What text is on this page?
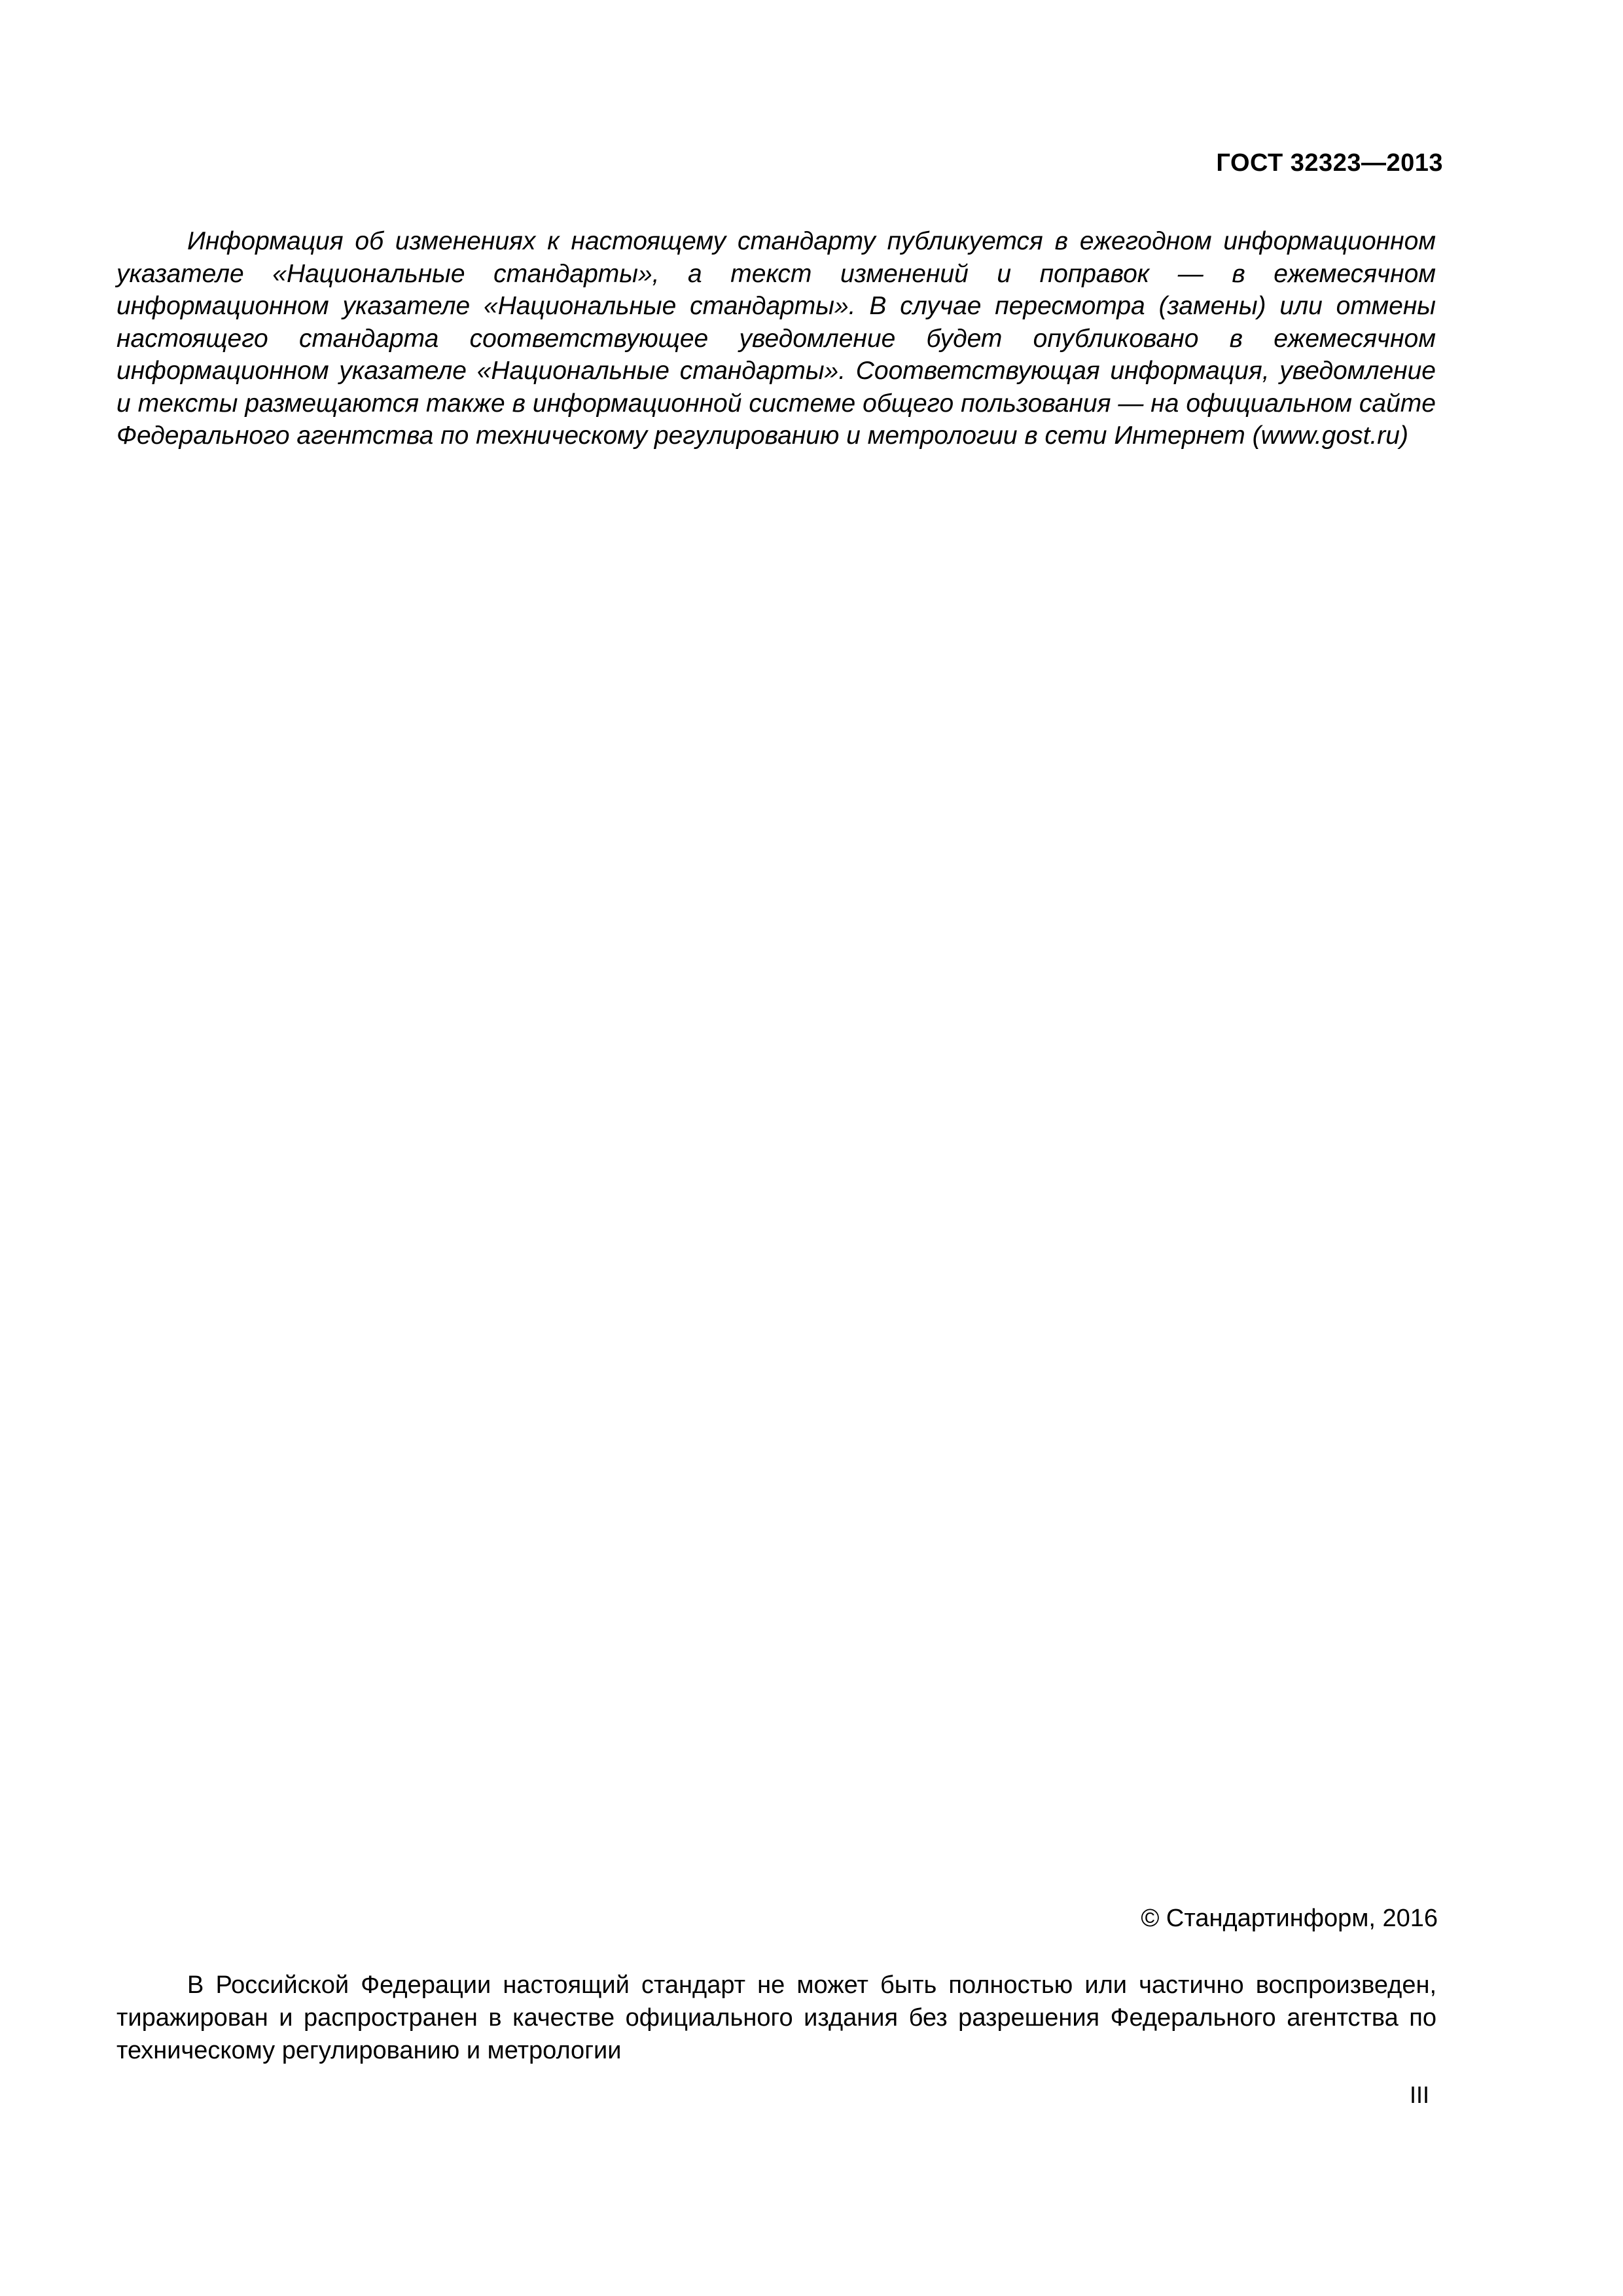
ГОСТ 32323—2013

Информация об изменениях к настоящему стандарту публикуется в ежегодном информационном указателе «Национальные стандарты», а текст изменений и поправок — в ежемесячном информационном указателе «Национальные стандарты». В случае пересмотра (замены) или отмены настоящего стандарта соответствующее уведомление будет опубликовано в ежемесячном информационном указателе «Национальные стандарты». Соответствующая информация, уведомление и тексты размещаются также в информационной системе общего пользования — на официальном сайте Федерального агентства по техническому регулированию и метрологии в сети Интернет (www.gost.ru)

© Стандартинформ, 2016

В Российской Федерации настоящий стандарт не может быть полностью или частично воспроизведен, тиражирован и распространен в качестве официального издания без разрешения Федерального агентства по техническому регулированию и метрологии

III
